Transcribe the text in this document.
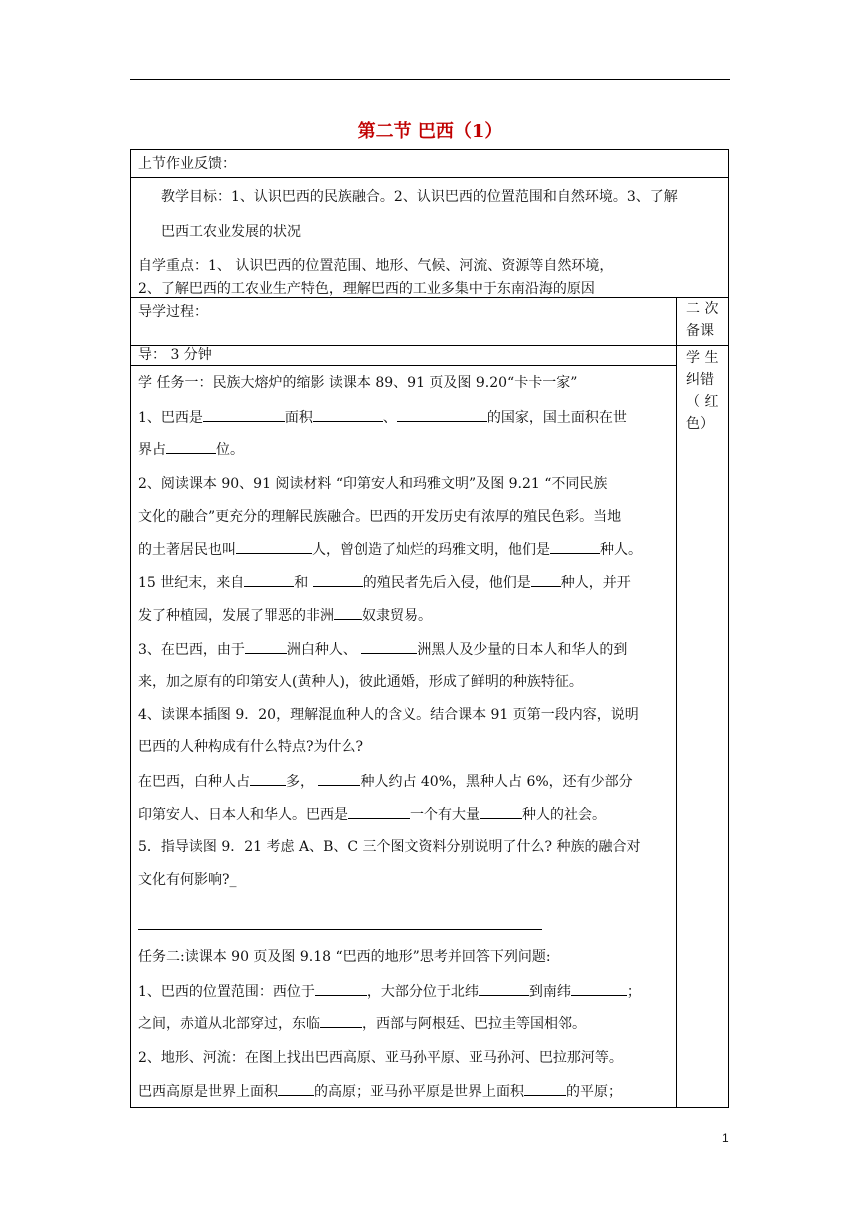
第二节 巴西（1）
上节作业反馈：

教学目标：1、认识巴西的民族融合。2、认识巴西的位置范围和自然环境。3、了解

巴西工农业发展的状况

自学重点：1、 认识巴西的位置范围、地形、气候、河流、资源等自然环境，

2、了解巴西的工农业生产特色，理解巴西的工业多集中于东南沿海的原因

导学过程：	二 次

备课

导： 3 分钟	学 生

纠错

（ 红

色）

学 任务一：民族大熔炉的缩影 读课本 89、91 页及图 9.20“卡卡一家”

1、巴西是	面积	、	的国家，国土面积在世

界占	位。

2、阅读课本 90、91 阅读材料 “印第安人和玛雅文明”及图 9.21 “不同民族

文化的融合”更充分的理解民族融合。巴西的开发历史有浓厚的殖民色彩。当地

的土著居民也叫	人，曾创造了灿烂的玛雅文明，他们是	种人。

15 世纪末，来自	和	的殖民者先后入侵，他们是 种人，并开

发了种植园，发展了罪恶的非洲 奴隶贸易。

3、在巴西，由于	洲白种人、	洲黑人及少量的日本人和华人的到

来，加之原有的印第安人(黄种人)，彼此通婚，形成了鲜明的种族特征。

4、读课本插图 9．20，理解混血种人的含义。结合课本 91 页第一段内容，说明

巴西的人种构成有什么特点?为什么?

在巴西，白种人占	多，	种人约占 40%，黑种人占 6%，还有少部分

印第安人、日本人和华人。巴西是	一个有大量	种人的社会。

5．指导读图 9．21 考虑 A、B、C 三个图文资料分别说明了什么? 种族的融合对

文化有何影响?_

任务二:读课本 90 页及图 9.18 “巴西的地形”思考并回答下列问题:

1、巴西的位置范围：西位于	，大部分位于北纬	到南纬	；

之间，赤道从北部穿过，东临	，西部与阿根廷、巴拉圭等国相邻。

2、地形、河流：在图上找出巴西高原、亚马孙平原、亚马孙河、巴拉那河等。

巴西高原是世界上面积	的高原；亚马孙平原是世界上面积	的平原；

1
